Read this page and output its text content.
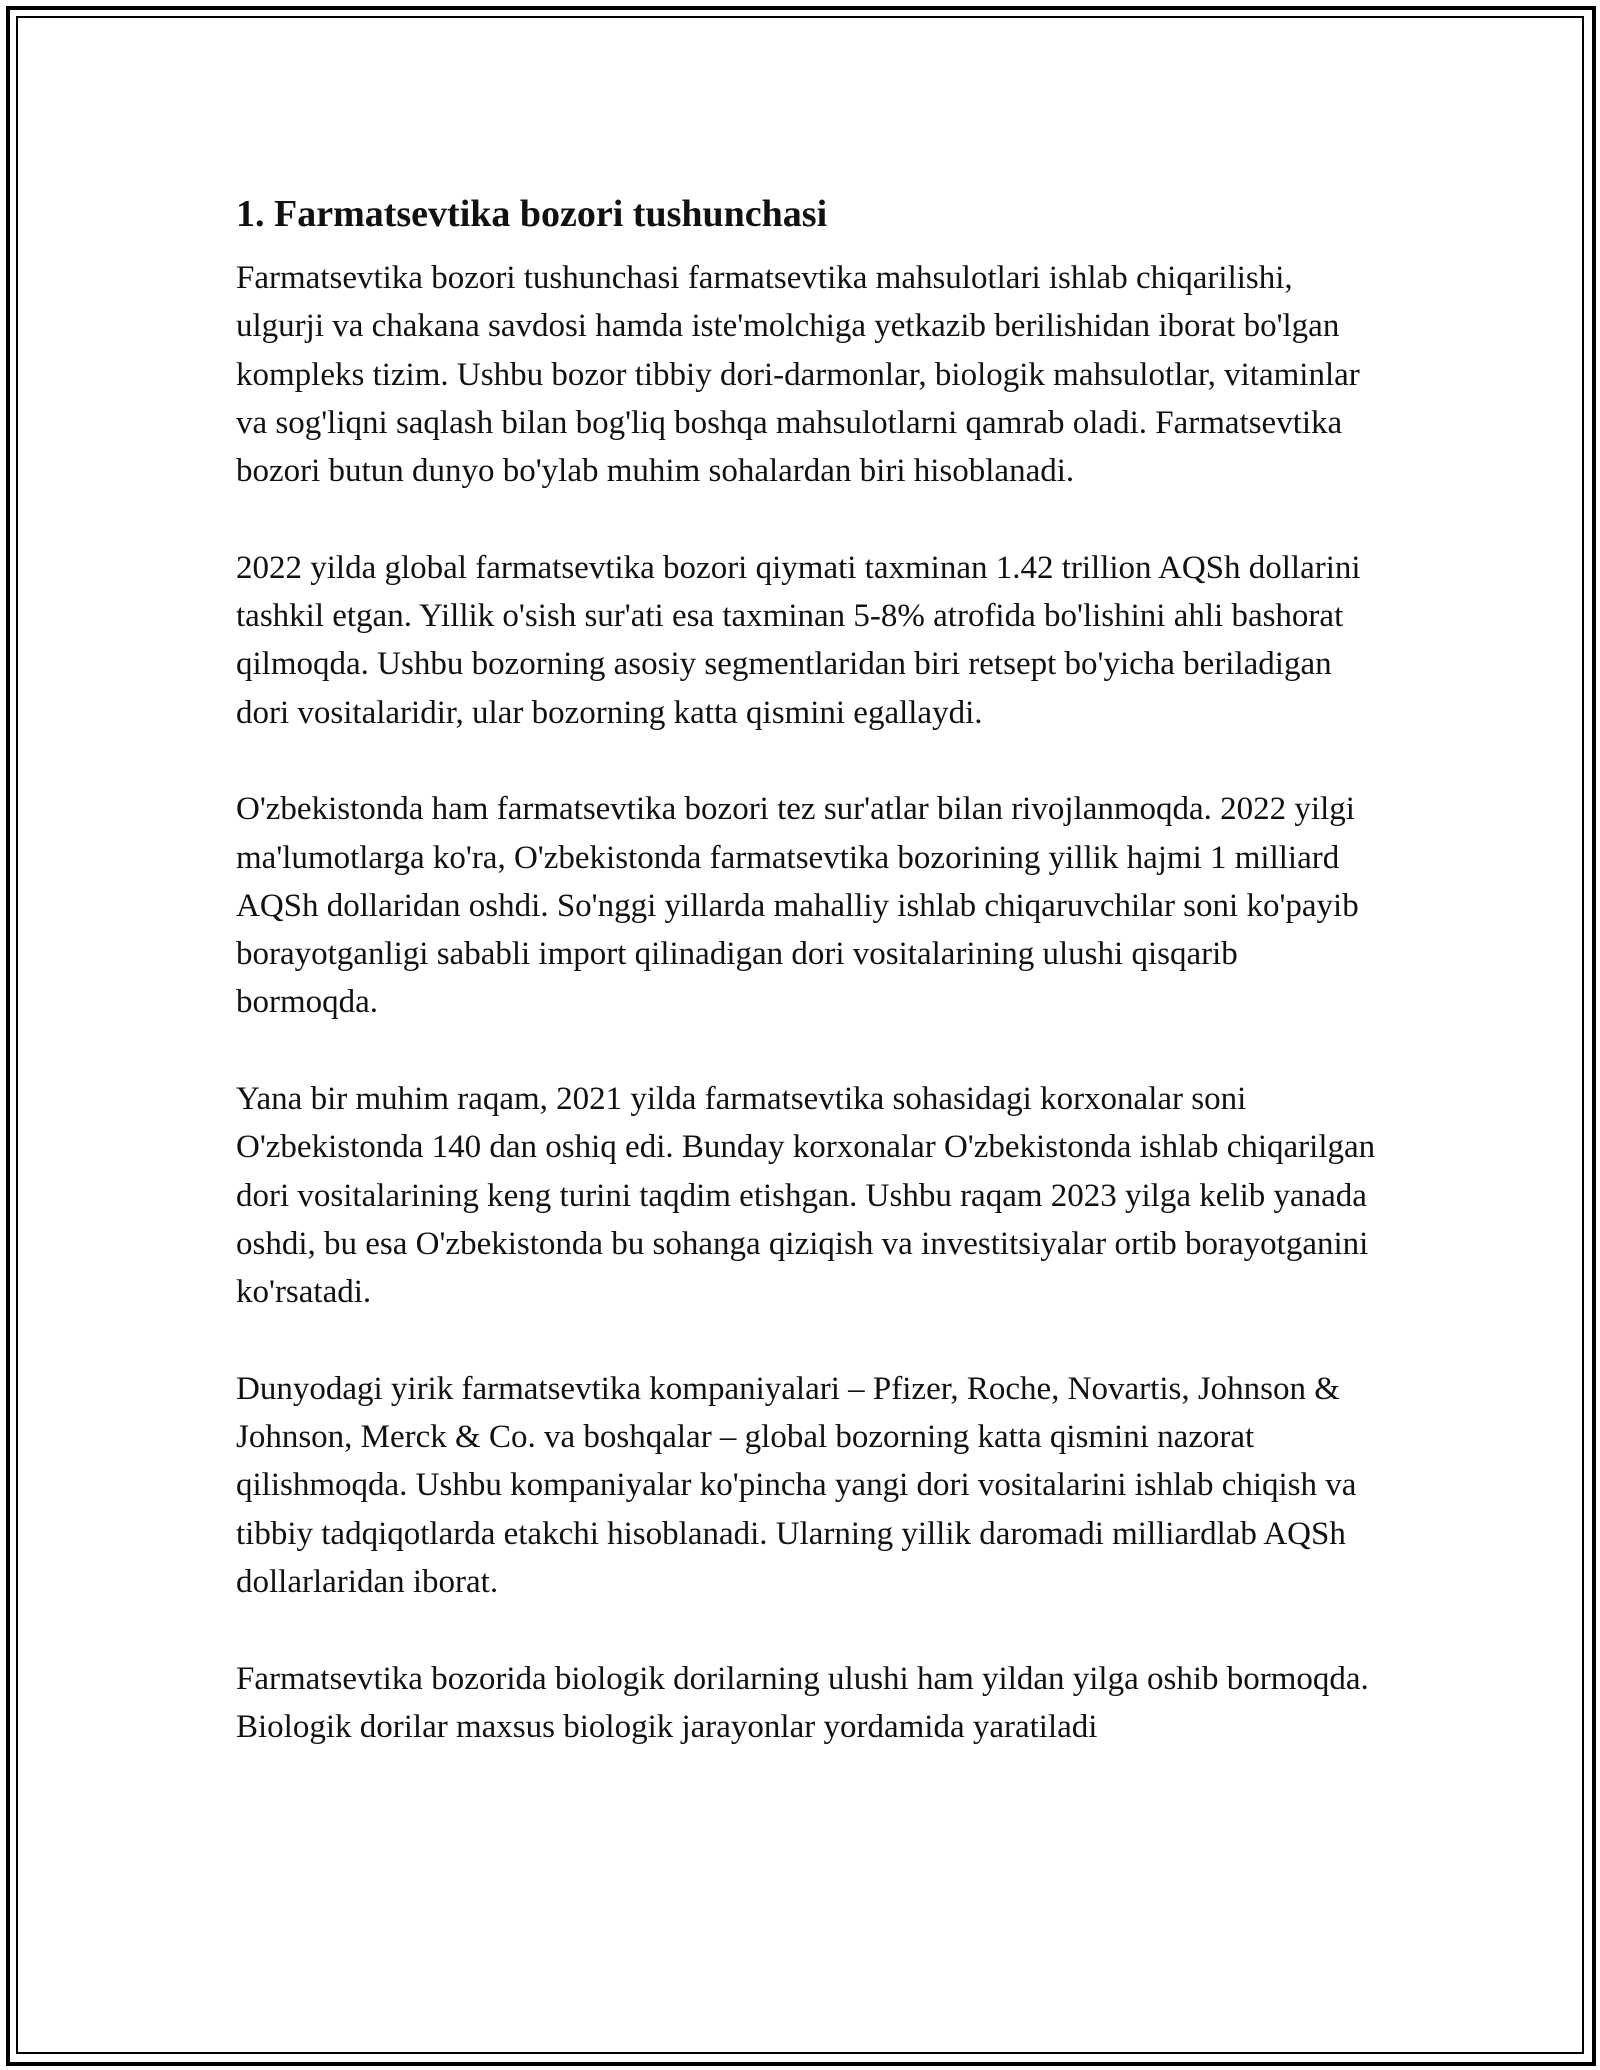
1. Farmatsevtika bozori tushunchasi

Farmatsevtika bozori tushunchasi farmatsevtika mahsulotlari ishlab chiqarilishi, ulgurji va chakana savdosi hamda iste'molchiga yetkazib berilishidan iborat bo'lgan kompleks tizim. Ushbu bozor tibbiy dori-darmonlar, biologik mahsulotlar, vitaminlar va sog'liqni saqlash bilan bog'liq boshqa mahsulotlarni qamrab oladi. Farmatsevtika bozori butun dunyo bo'ylab muhim sohalardan biri hisoblanadi.

2022 yilda global farmatsevtika bozori qiymati taxminan 1.42 trillion AQSh dollarini tashkil etgan. Yillik o'sish sur'ati esa taxminan 5-8% atrofida bo'lishini ahli bashorat qilmoqda. Ushbu bozorning asosiy segmentlaridan biri retsept bo'yicha beriladigan dori vositalaridir, ular bozorning katta qismini egallaydi.

O'zbekistonda ham farmatsevtika bozori tez sur'atlar bilan rivojlanmoqda. 2022 yilgi ma'lumotlarga ko'ra, O'zbekistonda farmatsevtika bozorining yillik hajmi 1 milliard AQSh dollaridan oshdi. So'nggi yillarda mahalliy ishlab chiqaruvchilar soni ko'payib borayotganligi sababli import qilinadigan dori vositalarining ulushi qisqarib bormoqda.

Yana bir muhim raqam, 2021 yilda farmatsevtika sohasidagi korxonalar soni O'zbekistonda 140 dan oshiq edi. Bunday korxonalar O'zbekistonda ishlab chiqarilgan dori vositalarining keng turini taqdim etishgan. Ushbu raqam 2023 yilga kelib yanada oshdi, bu esa O'zbekistonda bu sohanga qiziqish va investitsiyalar ortib borayotganini ko'rsatadi.

Dunyodagi yirik farmatsevtika kompaniyalari – Pfizer, Roche, Novartis, Johnson & Johnson, Merck & Co. va boshqalar – global bozorning katta qismini nazorat qilishmoqda. Ushbu kompaniyalar ko'pincha yangi dori vositalarini ishlab chiqish va tibbiy tadqiqotlarda etakchi hisoblanadi. Ularning yillik daromadi milliardlab AQSh dollarlaridan iborat.

Farmatsevtika bozorida biologik dorilarning ulushi ham yildan yilga oshib bormoqda. Biologik dorilar maxsus biologik jarayonlar yordamida yaratiladi
